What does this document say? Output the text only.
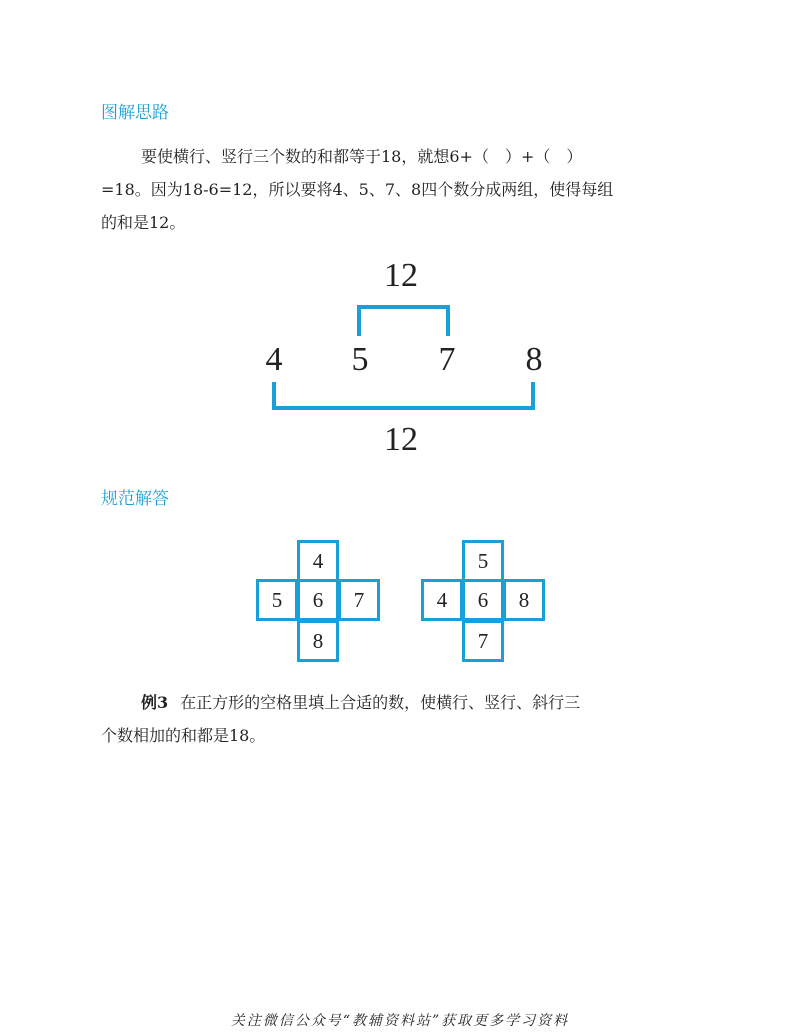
图解思路
要使横行、竖行三个数的和都等于18，就想6+（　）+（　）
=18。因为18-6=12，所以要将4、5、7、8四个数分成两组，使得每组
的和是12。
12
4 5 7 8
12
规范解答
4
5	6	7
8
5
4	6	8
7
例3 在正方形的空格里填上合适的数，使横行、竖行、斜行三
个数相加的和都是18。
关注微信公众号“教辅资料站”获取更多学习资料
